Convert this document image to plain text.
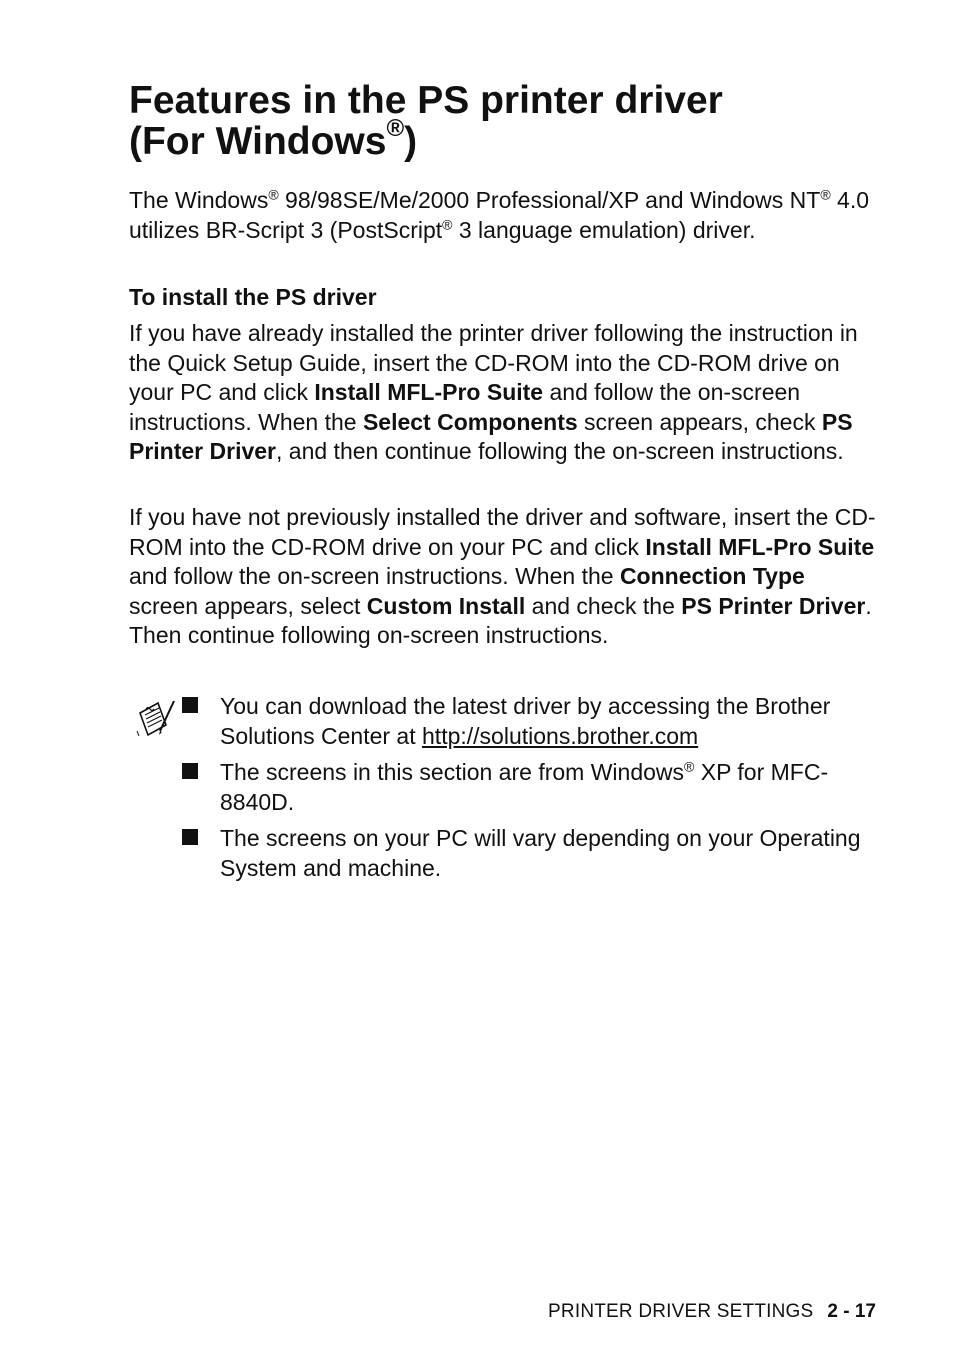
Features in the PS printer driver
(For Windows®)

The Windows® 98/98SE/Me/2000 Professional/XP and Windows NT® 4.0 utilizes BR-Script 3 (PostScript® 3 language emulation) driver.

To install the PS driver

If you have already installed the printer driver following the instruction in the Quick Setup Guide, insert the CD-ROM into the CD-ROM drive on your PC and click Install MFL-Pro Suite and follow the on-screen instructions. When the Select Components screen appears, check PS Printer Driver, and then continue following the on-screen instructions.

If you have not previously installed the driver and software, insert the CD-ROM into the CD-ROM drive on your PC and click Install MFL-Pro Suite and follow the on-screen instructions. When the Connection Type screen appears, select Custom Install and check the PS Printer Driver. Then continue following on-screen instructions.

You can download the latest driver by accessing the Brother Solutions Center at http://solutions.brother.com

The screens in this section are from Windows® XP for MFC-8840D.

The screens on your PC will vary depending on your Operating System and machine.

PRINTER DRIVER SETTINGS 2 - 17
